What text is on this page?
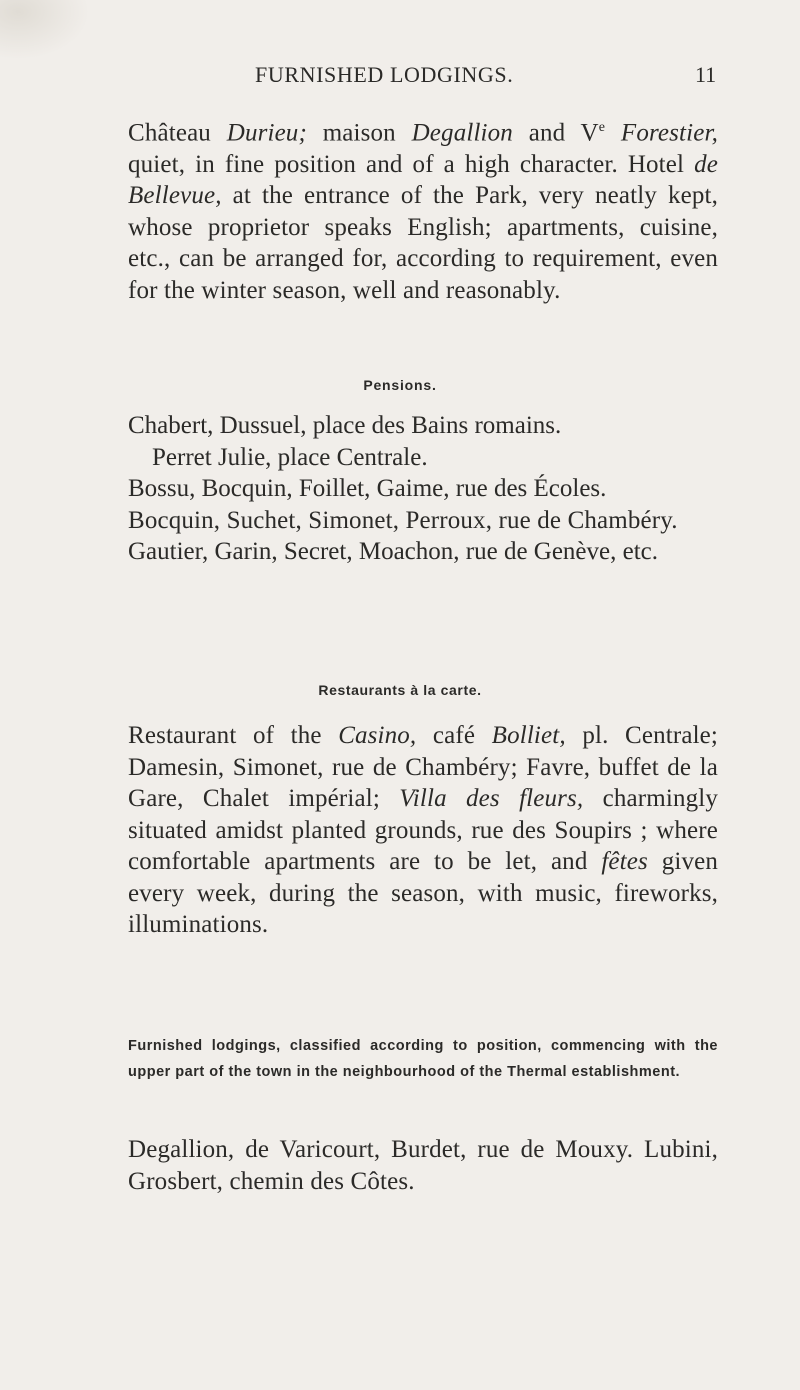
FURNISHED LODGINGS.	11

Château Durieu; maison Degallion and Ve Forestier, quiet, in fine position and of a high character. Hotel de Bellevue, at the entrance of the Park, very neatly kept, whose proprietor speaks English; apartments, cuisine, etc., can be arranged for, according to requirement, even for the winter season, well and reasonably.

Pensions.

Chabert, Dussuel, place des Bains romains.

Perret Julie, place Centrale.

Bossu, Bocquin, Foillet, Gaime, rue des Écoles.

Bocquin, Suchet, Simonet, Perroux, rue de Chambéry.

Gautier, Garin, Secret, Moachon, rue de Genève, etc.

Restaurants à la carte.

Restaurant of the Casino, café Bolliet, pl. Centrale; Damesin, Simonet, rue de Chambéry; Favre, buffet de la Gare, Chalet impérial; Villa des fleurs, charmingly situated amidst planted grounds, rue des Soupirs ; where comfortable apartments are to be let, and fêtes given every week, during the season, with music, fireworks, illuminations.

Furnished lodgings, classified according to position, commencing with the upper part of the town in the neighbourhood of the Thermal establishment.

Degallion, de Varicourt, Burdet, rue de Mouxy. Lubini, Grosbert, chemin des Côtes.
